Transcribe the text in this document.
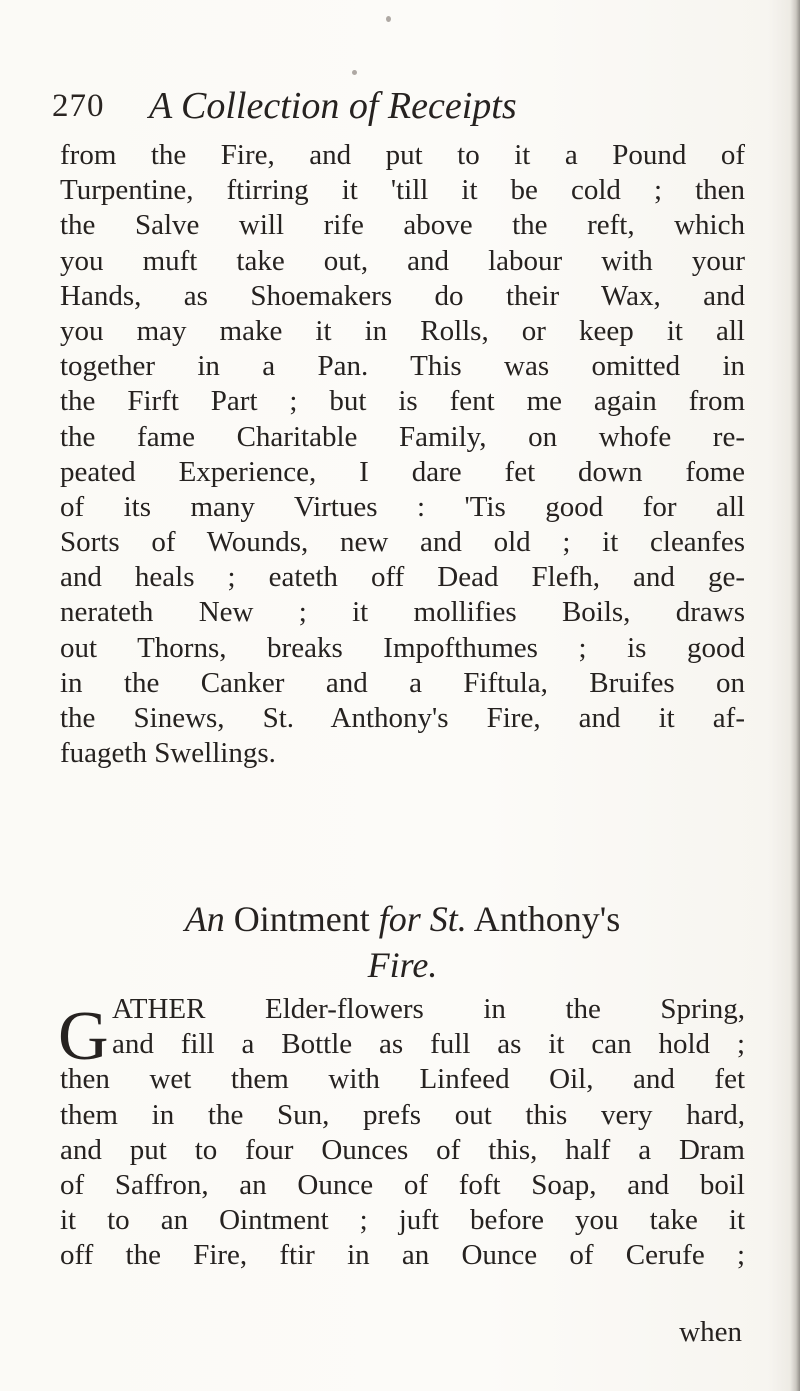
270 A Collection of Receipts
from the Fire, and put to it a Pound of
Turpentine, ftirring it 'till it be cold ; then
the Salve will rife above the reft, which
you muft take out, and labour with your
Hands, as Shoemakers do their Wax, and
you may make it in Rolls, or keep it all
together in a Pan. This was omitted in
the Firft Part ; but is fent me again from
the fame Charitable Family, on whofe re-
peated Experience, I dare fet down fome
of its many Virtues : 'Tis good for all
Sorts of Wounds, new and old ; it cleanfes
and heals ; eateth off Dead Flefh, and ge-
nerateth New ; it mollifies Boils, draws
out Thorns, breaks Impofthumes ; is good
in the Canker and a Fiftula, Bruifes on
the Sinews, St. Anthony's Fire, and it af-
fuageth Swellings.
An Ointment for St. Anthony's
Fire.
G ATHER Elder-flowers in the Spring,
and fill a Bottle as full as it can hold ;
then wet them with Linfeed Oil, and fet
them in the Sun, prefs out this very hard,
and put to four Ounces of this, half a Dram
of Saffron, an Ounce of foft Soap, and boil
it to an Ointment ; juft before you take it
off the Fire, ftir in an Ounce of Cerufe ;
when
